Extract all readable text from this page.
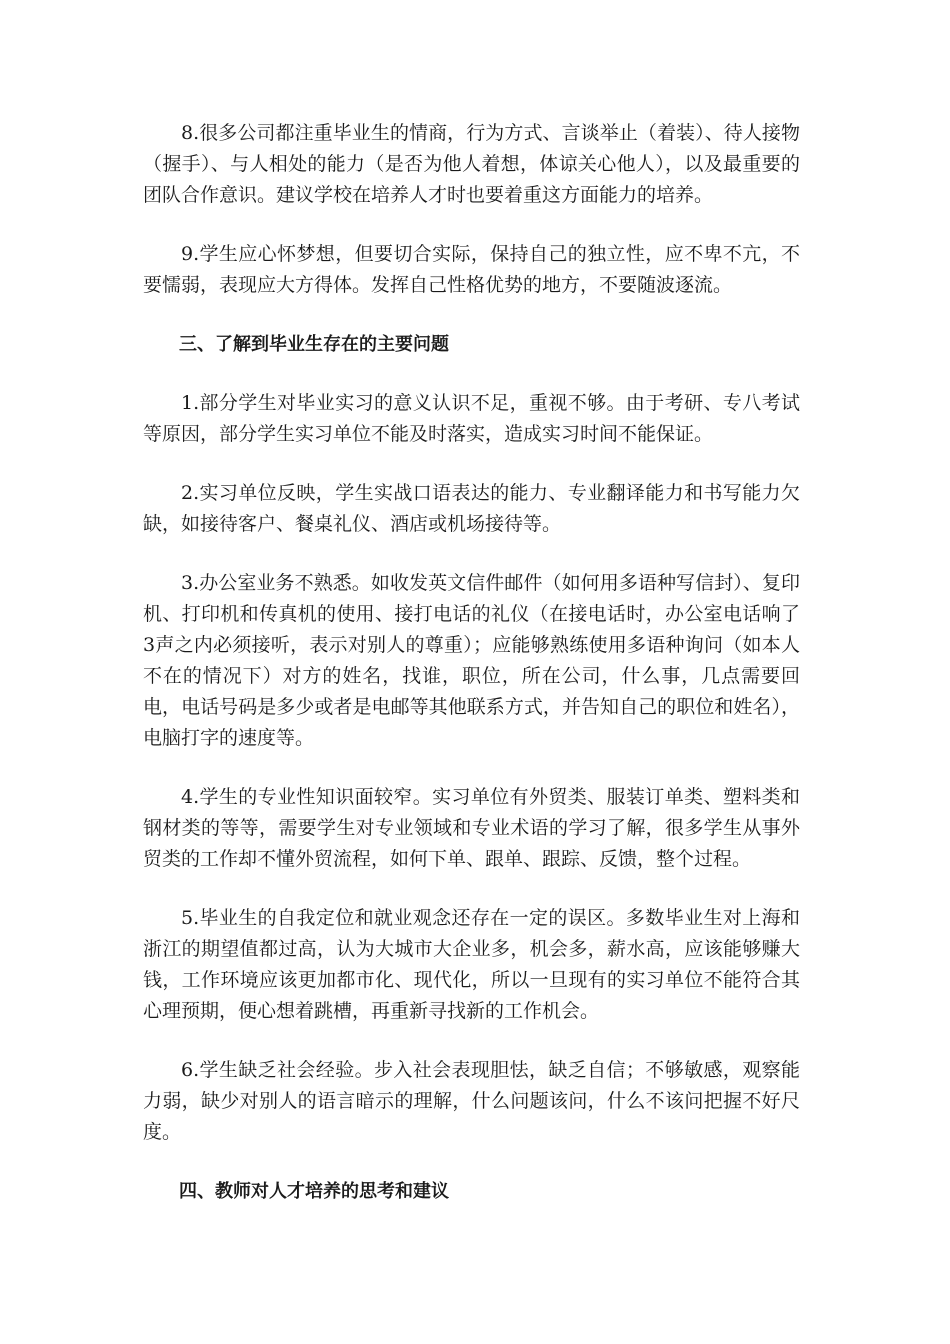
8.很多公司都注重毕业生的情商，行为方式、言谈举止（着装）、待人接物（握手）、与人相处的能力（是否为他人着想，体谅关心他人），以及最重要的团队合作意识。建议学校在培养人才时也要着重这方面能力的培养。

9.学生应心怀梦想，但要切合实际，保持自己的独立性，应不卑不亢，不要懦弱，表现应大方得体。发挥自己性格优势的地方，不要随波逐流。

三、了解到毕业生存在的主要问题

1.部分学生对毕业实习的意义认识不足，重视不够。由于考研、专八考试等原因，部分学生实习单位不能及时落实，造成实习时间不能保证。

2.实习单位反映，学生实战口语表达的能力、专业翻译能力和书写能力欠缺，如接待客户、餐桌礼仪、酒店或机场接待等。

3.办公室业务不熟悉。如收发英文信件邮件（如何用多语种写信封）、复印机、打印机和传真机的使用、接打电话的礼仪（在接电话时，办公室电话响了3声之内必须接听，表示对别人的尊重）；应能够熟练使用多语种询问（如本人不在的情况下）对方的姓名，找谁，职位，所在公司，什么事，几点需要回电，电话号码是多少或者是电邮等其他联系方式，并告知自己的职位和姓名），电脑打字的速度等。

4.学生的专业性知识面较窄。实习单位有外贸类、服装订单类、塑料类和钢材类的等等，需要学生对专业领域和专业术语的学习了解，很多学生从事外贸类的工作却不懂外贸流程，如何下单、跟单、跟踪、反馈，整个过程。

5.毕业生的自我定位和就业观念还存在一定的误区。多数毕业生对上海和浙江的期望值都过高，认为大城市大企业多，机会多，薪水高，应该能够赚大钱，工作环境应该更加都市化、现代化，所以一旦现有的实习单位不能符合其心理预期，便心想着跳槽，再重新寻找新的工作机会。

6.学生缺乏社会经验。步入社会表现胆怯，缺乏自信；不够敏感，观察能力弱，缺少对别人的语言暗示的理解，什么问题该问，什么不该问把握不好尺度。

四、教师对人才培养的思考和建议
